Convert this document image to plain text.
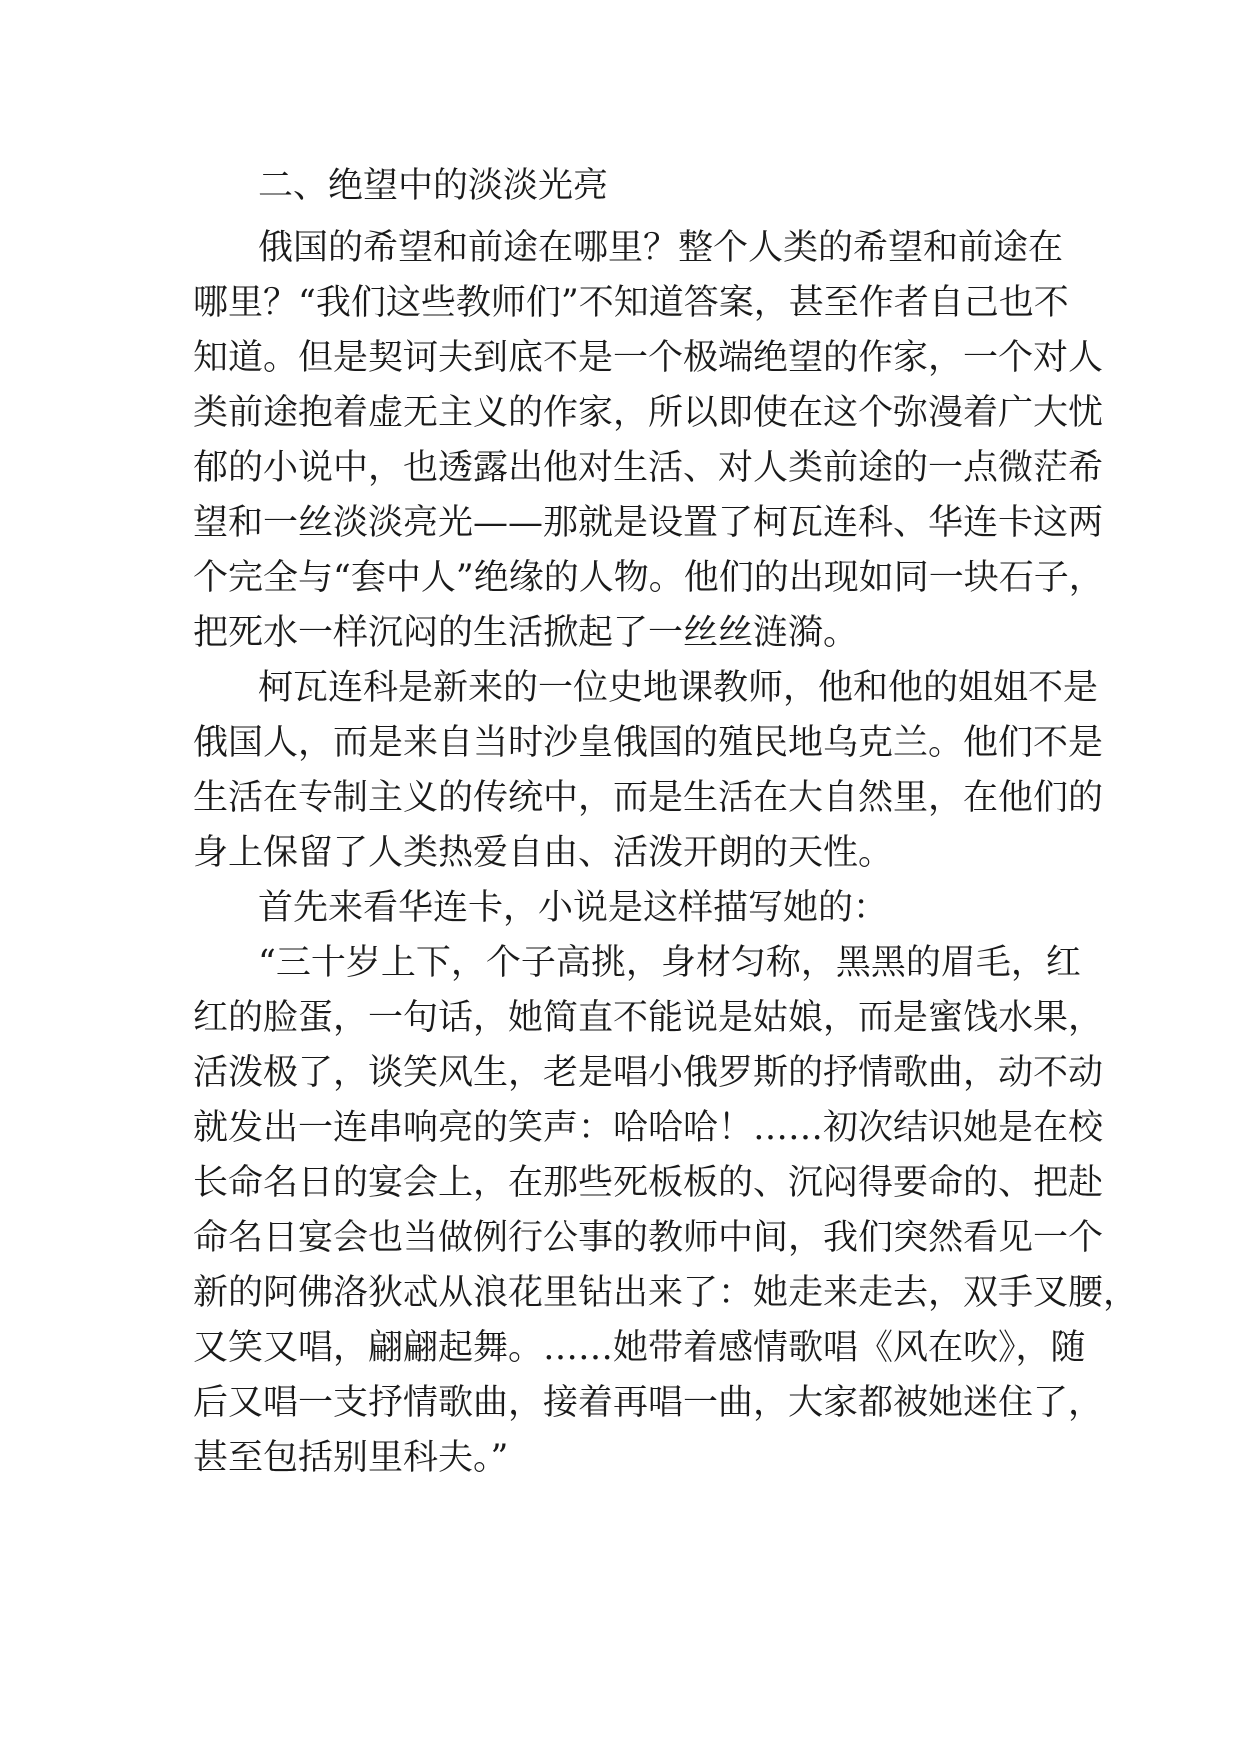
二、绝望中的淡淡光亮
俄国的希望和前途在哪里？整个人类的希望和前途在
哪里？“我们这些教师们”不知道答案，甚至作者自己也不
知道。但是契诃夫到底不是一个极端绝望的作家，一个对人
类前途抱着虚无主义的作家，所以即使在这个弥漫着广大忧
郁的小说中，也透露出他对生活、对人类前途的一点微茫希
望和一丝淡淡亮光——那就是设置了柯瓦连科、华连卡这两
个完全与“套中人”绝缘的人物。他们的出现如同一块石子，
把死水一样沉闷的生活掀起了一丝丝涟漪。
柯瓦连科是新来的一位史地课教师，他和他的姐姐不是
俄国人，而是来自当时沙皇俄国的殖民地乌克兰。他们不是
生活在专制主义的传统中，而是生活在大自然里，在他们的
身上保留了人类热爱自由、活泼开朗的天性。
首先来看华连卡，小说是这样描写她的：
“三十岁上下，个子高挑，身材匀称，黑黑的眉毛，红
红的脸蛋，一句话，她简直不能说是姑娘，而是蜜饯水果，
活泼极了，谈笑风生，老是唱小俄罗斯的抒情歌曲，动不动
就发出一连串响亮的笑声：哈哈哈！……初次结识她是在校
长命名日的宴会上，在那些死板板的、沉闷得要命的、把赴
命名日宴会也当做例行公事的教师中间，我们突然看见一个
新的阿佛洛狄忒从浪花里钻出来了：她走来走去，双手叉腰，
又笑又唱，翩翩起舞。……她带着感情歌唱《风在吹》，随
后又唱一支抒情歌曲，接着再唱一曲，大家都被她迷住了，
甚至包括别里科夫。”
